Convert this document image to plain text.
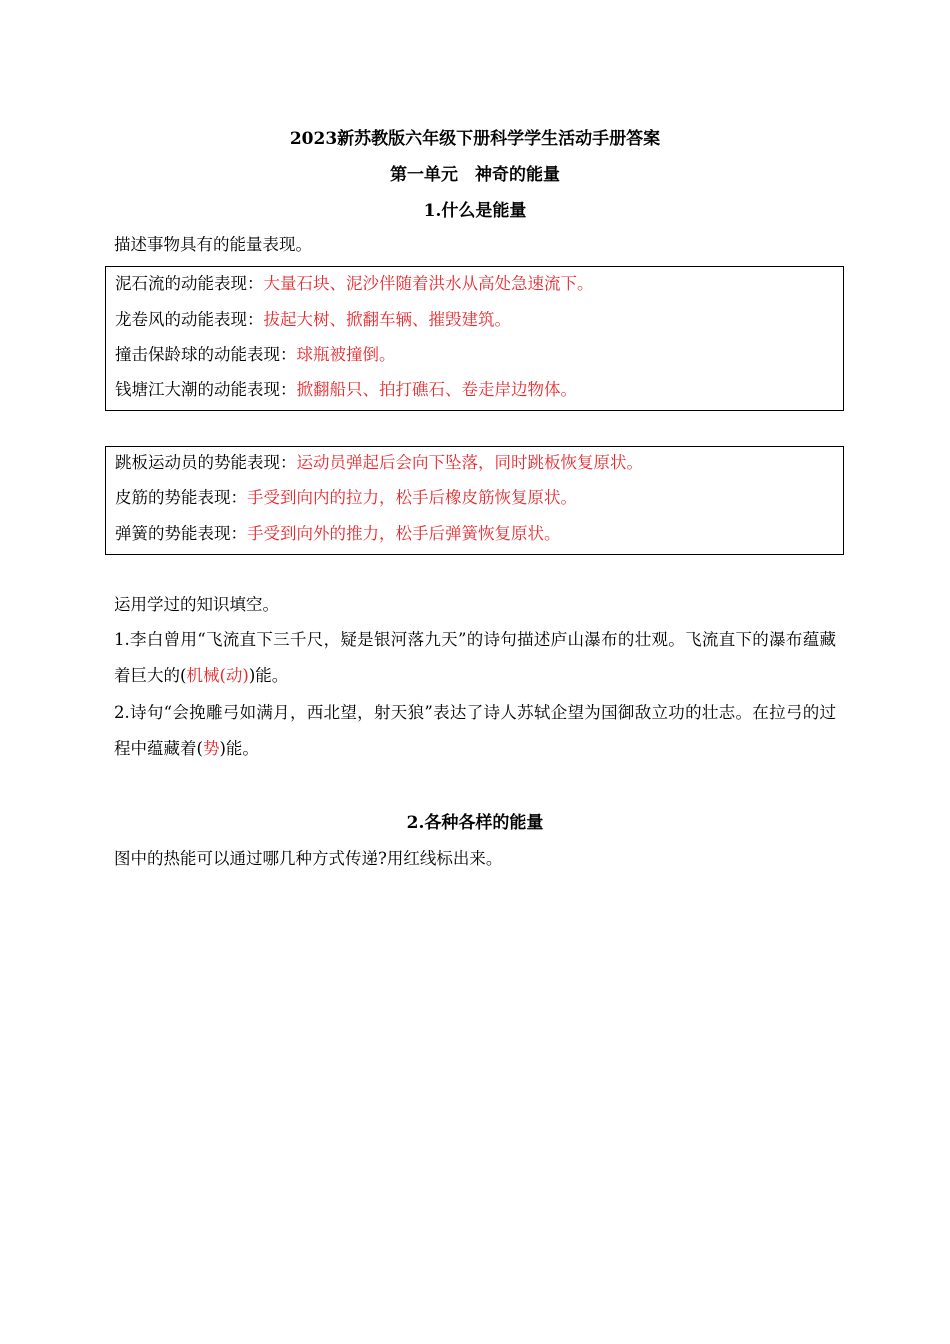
2023新苏教版六年级下册科学学生活动手册答案
第一单元　神奇的能量
1.什么是能量
描述事物具有的能量表现。
泥石流的动能表现：大量石块、泥沙伴随着洪水从高处急速流下。
龙卷风的动能表现：拔起大树、掀翻车辆、摧毁建筑。
撞击保龄球的动能表现：球瓶被撞倒。
钱塘江大潮的动能表现：掀翻船只、拍打礁石、卷走岸边物体。
跳板运动员的势能表现：运动员弹起后会向下坠落，同时跳板恢复原状。
皮筋的势能表现：手受到向内的拉力，松手后橡皮筋恢复原状。
弹簧的势能表现：手受到向外的推力，松手后弹簧恢复原状。
运用学过的知识填空。
1.李白曾用“飞流直下三千尺，疑是银河落九天”的诗句描述庐山瀑布的壮观。飞流直下的瀑布蕴藏着巨大的(机械(动))能。
2.诗句“会挽雕弓如满月，西北望，射天狼”表达了诗人苏轼企望为国御敌立功的壮志。在拉弓的过程中蕴藏着(势)能。
2.各种各样的能量
图中的热能可以通过哪几种方式传递?用红线标出来。
